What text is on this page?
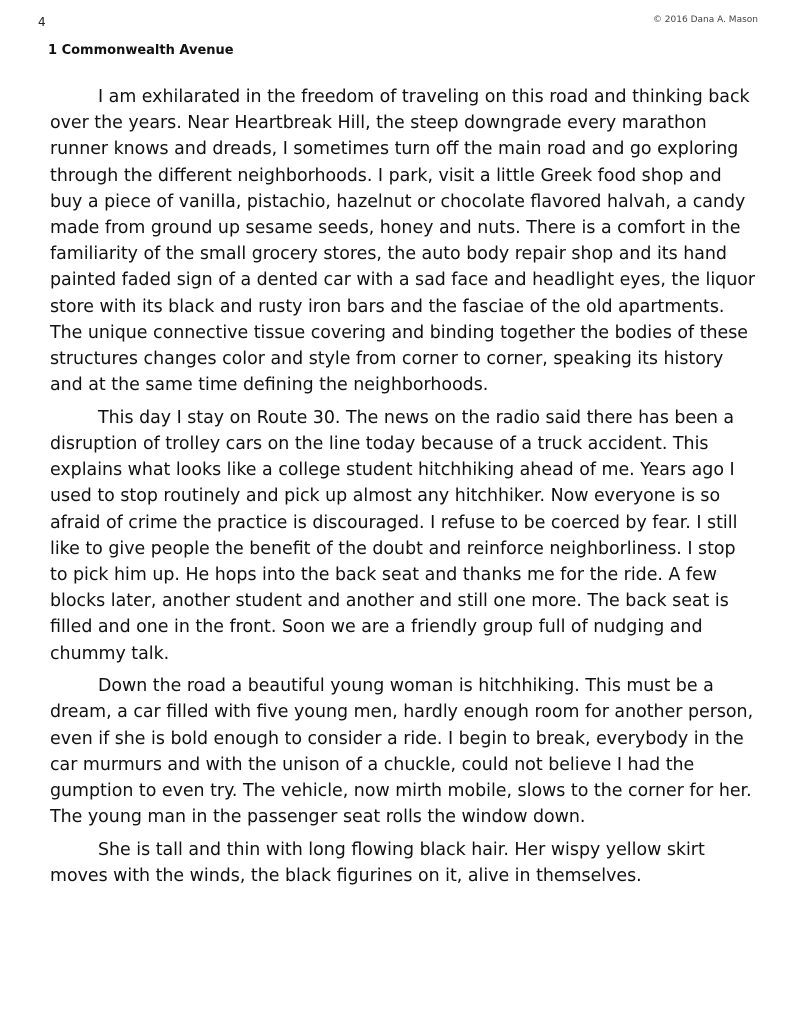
4	© 2016 Dana A. Mason
1 Commonwealth Avenue

I am exhilarated in the freedom of traveling on this road and thinking back over the years. Near Heartbreak Hill, the steep downgrade every marathon runner knows and dreads, I sometimes turn off the main road and go exploring through the different neighborhoods. I park, visit a little Greek food shop and buy a piece of vanilla, pistachio, hazelnut or chocolate flavored halvah, a candy made from ground up sesame seeds, honey and nuts. There is a comfort in the familiarity of the small grocery stores, the auto body repair shop and its hand painted faded sign of a dented car with a sad face and headlight eyes, the liquor store with its black and rusty iron bars and the fasciae of the old apartments. The unique connective tissue covering and binding together the bodies of these structures changes color and style from corner to corner, speaking its history and at the same time defining the neighborhoods.

This day I stay on Route 30. The news on the radio said there has been a disruption of trolley cars on the line today because of a truck accident. This explains what looks like a college student hitchhiking ahead of me. Years ago I used to stop routinely and pick up almost any hitchhiker. Now everyone is so afraid of crime the practice is discouraged. I refuse to be coerced by fear. I still like to give people the benefit of the doubt and reinforce neighborliness. I stop to pick him up. He hops into the back seat and thanks me for the ride. A few blocks later, another student and another and still one more. The back seat is filled and one in the front. Soon we are a friendly group full of nudging and chummy talk.

Down the road a beautiful young woman is hitchhiking. This must be a dream, a car filled with five young men, hardly enough room for another person, even if she is bold enough to consider a ride. I begin to break, everybody in the car murmurs and with the unison of a chuckle, could not believe I had the gumption to even try. The vehicle, now mirth mobile, slows to the corner for her. The young man in the passenger seat rolls the window down.

She is tall and thin with long flowing black hair. Her wispy yellow skirt moves with the winds, the black figurines on it, alive in themselves.
